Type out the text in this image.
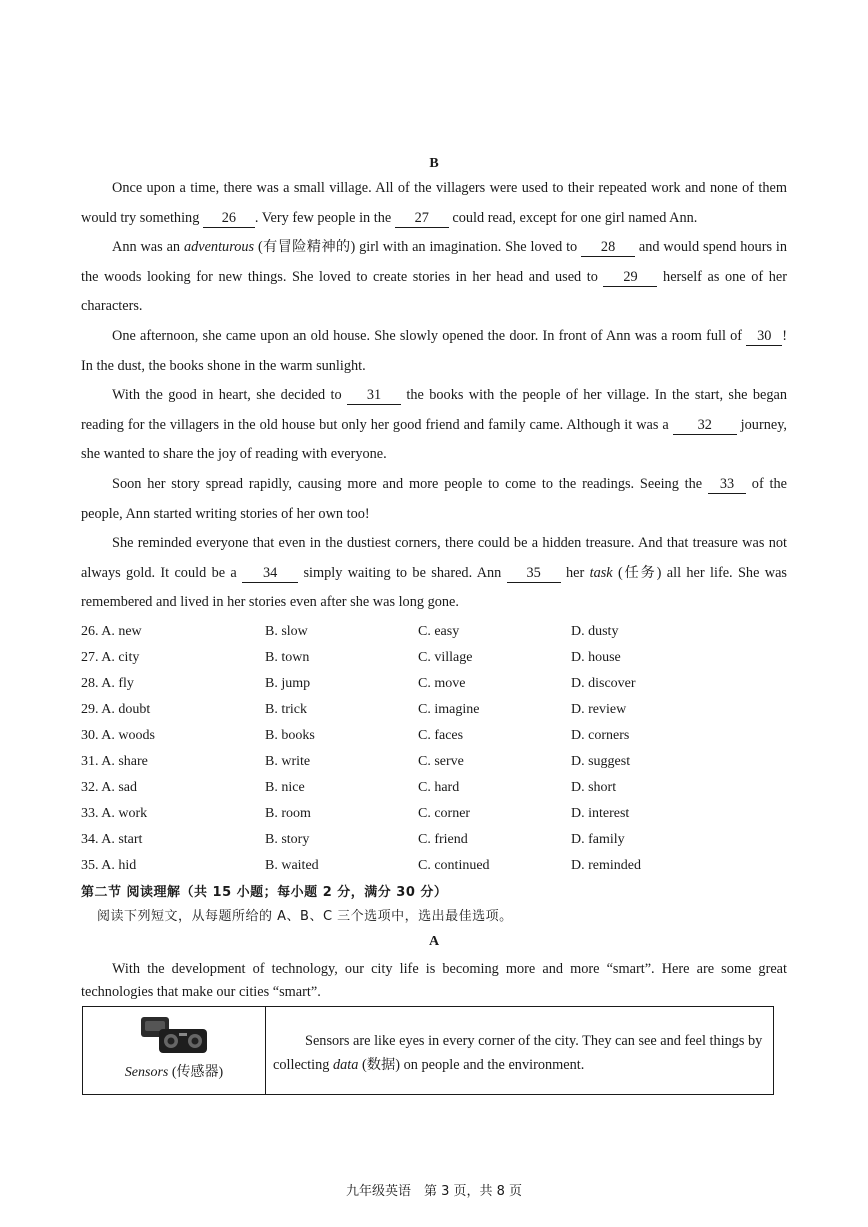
B
Once upon a time, there was a small village. All of the villagers were used to their repeated work and none of them would try something 26 . Very few people in the 27 could read, except for one girl named Ann.
Ann was an adventurous (有冒险精神的) girl with an imagination. She loved to 28 and would spend hours in the woods looking for new things. She loved to create stories in her head and used to 29 herself as one of her characters.
One afternoon, she came upon an old house. She slowly opened the door. In front of Ann was a room full of 30 ! In the dust, the books shone in the warm sunlight.
With the good in heart, she decided to 31 the books with the people of her village. In the start, she began reading for the villagers in the old house but only her good friend and family came. Although it was a 32 journey, she wanted to share the joy of reading with everyone.
Soon her story spread rapidly, causing more and more people to come to the readings. Seeing the 33 of the people, Ann started writing stories of her own too!
She reminded everyone that even in the dustiest corners, there could be a hidden treasure. And that treasure was not always gold. It could be a 34 simply waiting to be shared. Ann 35 her task (任务) all her life. She was remembered and lived in her stories even after she was long gone.
26. A. new	B. slow	C. easy	D. dusty
27. A. city	B. town	C. village	D. house
28. A. fly	B. jump	C. move	D. discover
29. A. doubt	B. trick	C. imagine	D. review
30. A. woods	B. books	C. faces	D. corners
31. A. share	B. write	C. serve	D. suggest
32. A. sad	B. nice	C. hard	D. short
33. A. work	B. room	C. corner	D. interest
34. A. start	B. story	C. friend	D. family
35. A. hid	B. waited	C. continued	D. reminded
第二节 阅读理解（共 15 小题；每小题 2 分，满分 30 分）
阅读下列短文，从每题所给的 A、B、C 三个选项中，选出最佳选项。
A
With the development of technology, our city life is becoming more and more “smart”. Here are some great technologies that make our cities “smart”.
Sensors (传感器)
Sensors are like eyes in every corner of the city. They can see and feel things by collecting data (数据) on people and the environment.
九年级英语　第 3 页，共 8 页
